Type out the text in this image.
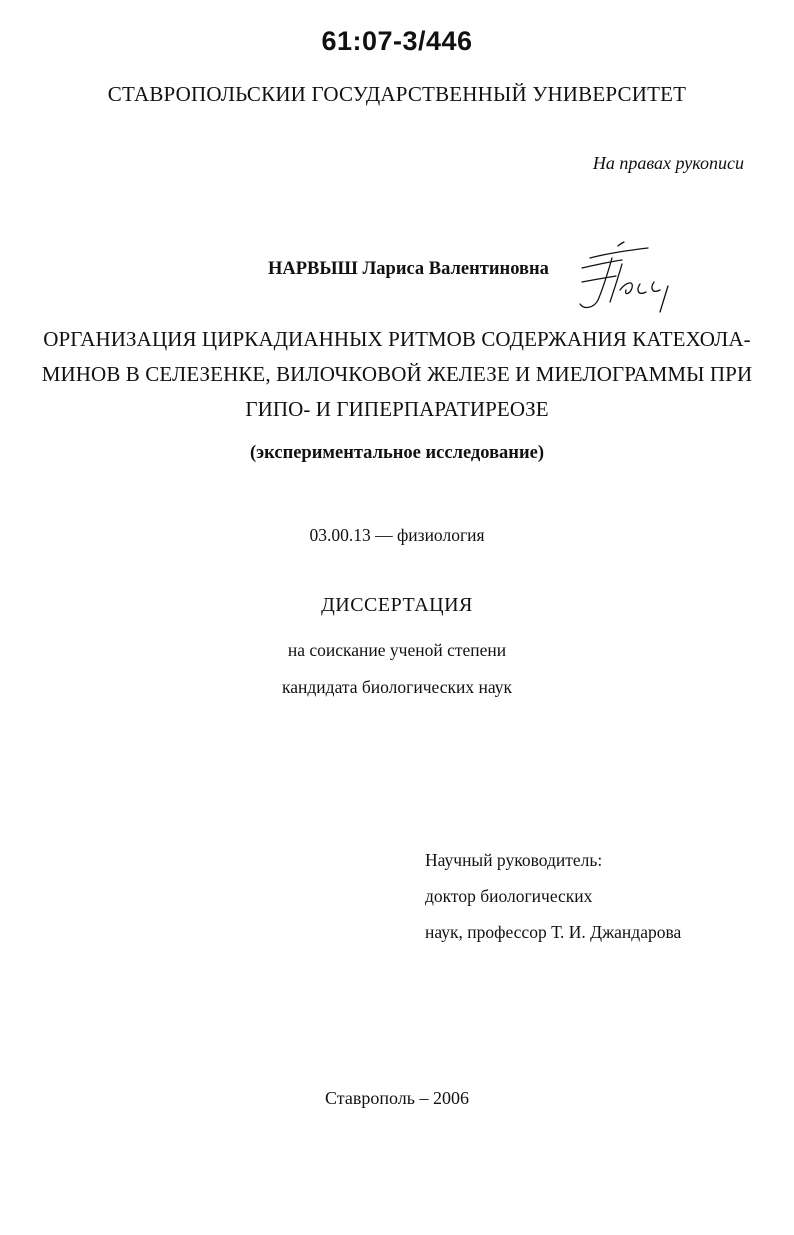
61:07-3/446
СТАВРОПОЛЬСКИИ ГОСУДАРСТВЕННЫЙ УНИВЕРСИТЕТ
На правах рукописи
НАРВЫШ Лариса Валентиновна
Нес
ОРГАНИЗАЦИЯ ЦИРКАДИАННЫХ РИТМОВ СОДЕРЖАНИЯ КАТЕХОЛА-
МИНОВ В СЕЛЕЗЕНКЕ, ВИЛОЧКОВОЙ ЖЕЛЕЗЕ И МИЕЛОГРАММЫ ПРИ
ГИПО- И ГИПЕРПАРАТИРЕОЗЕ
(экспериментальное исследование)
03.00.13 — физиология
ДИССЕРТАЦИЯ
на соискание ученой степени
кандидата биологических наук
Научный руководитель:
доктор биологических
наук, профессор Т. И. Джандарова
Ставрополь – 2006
